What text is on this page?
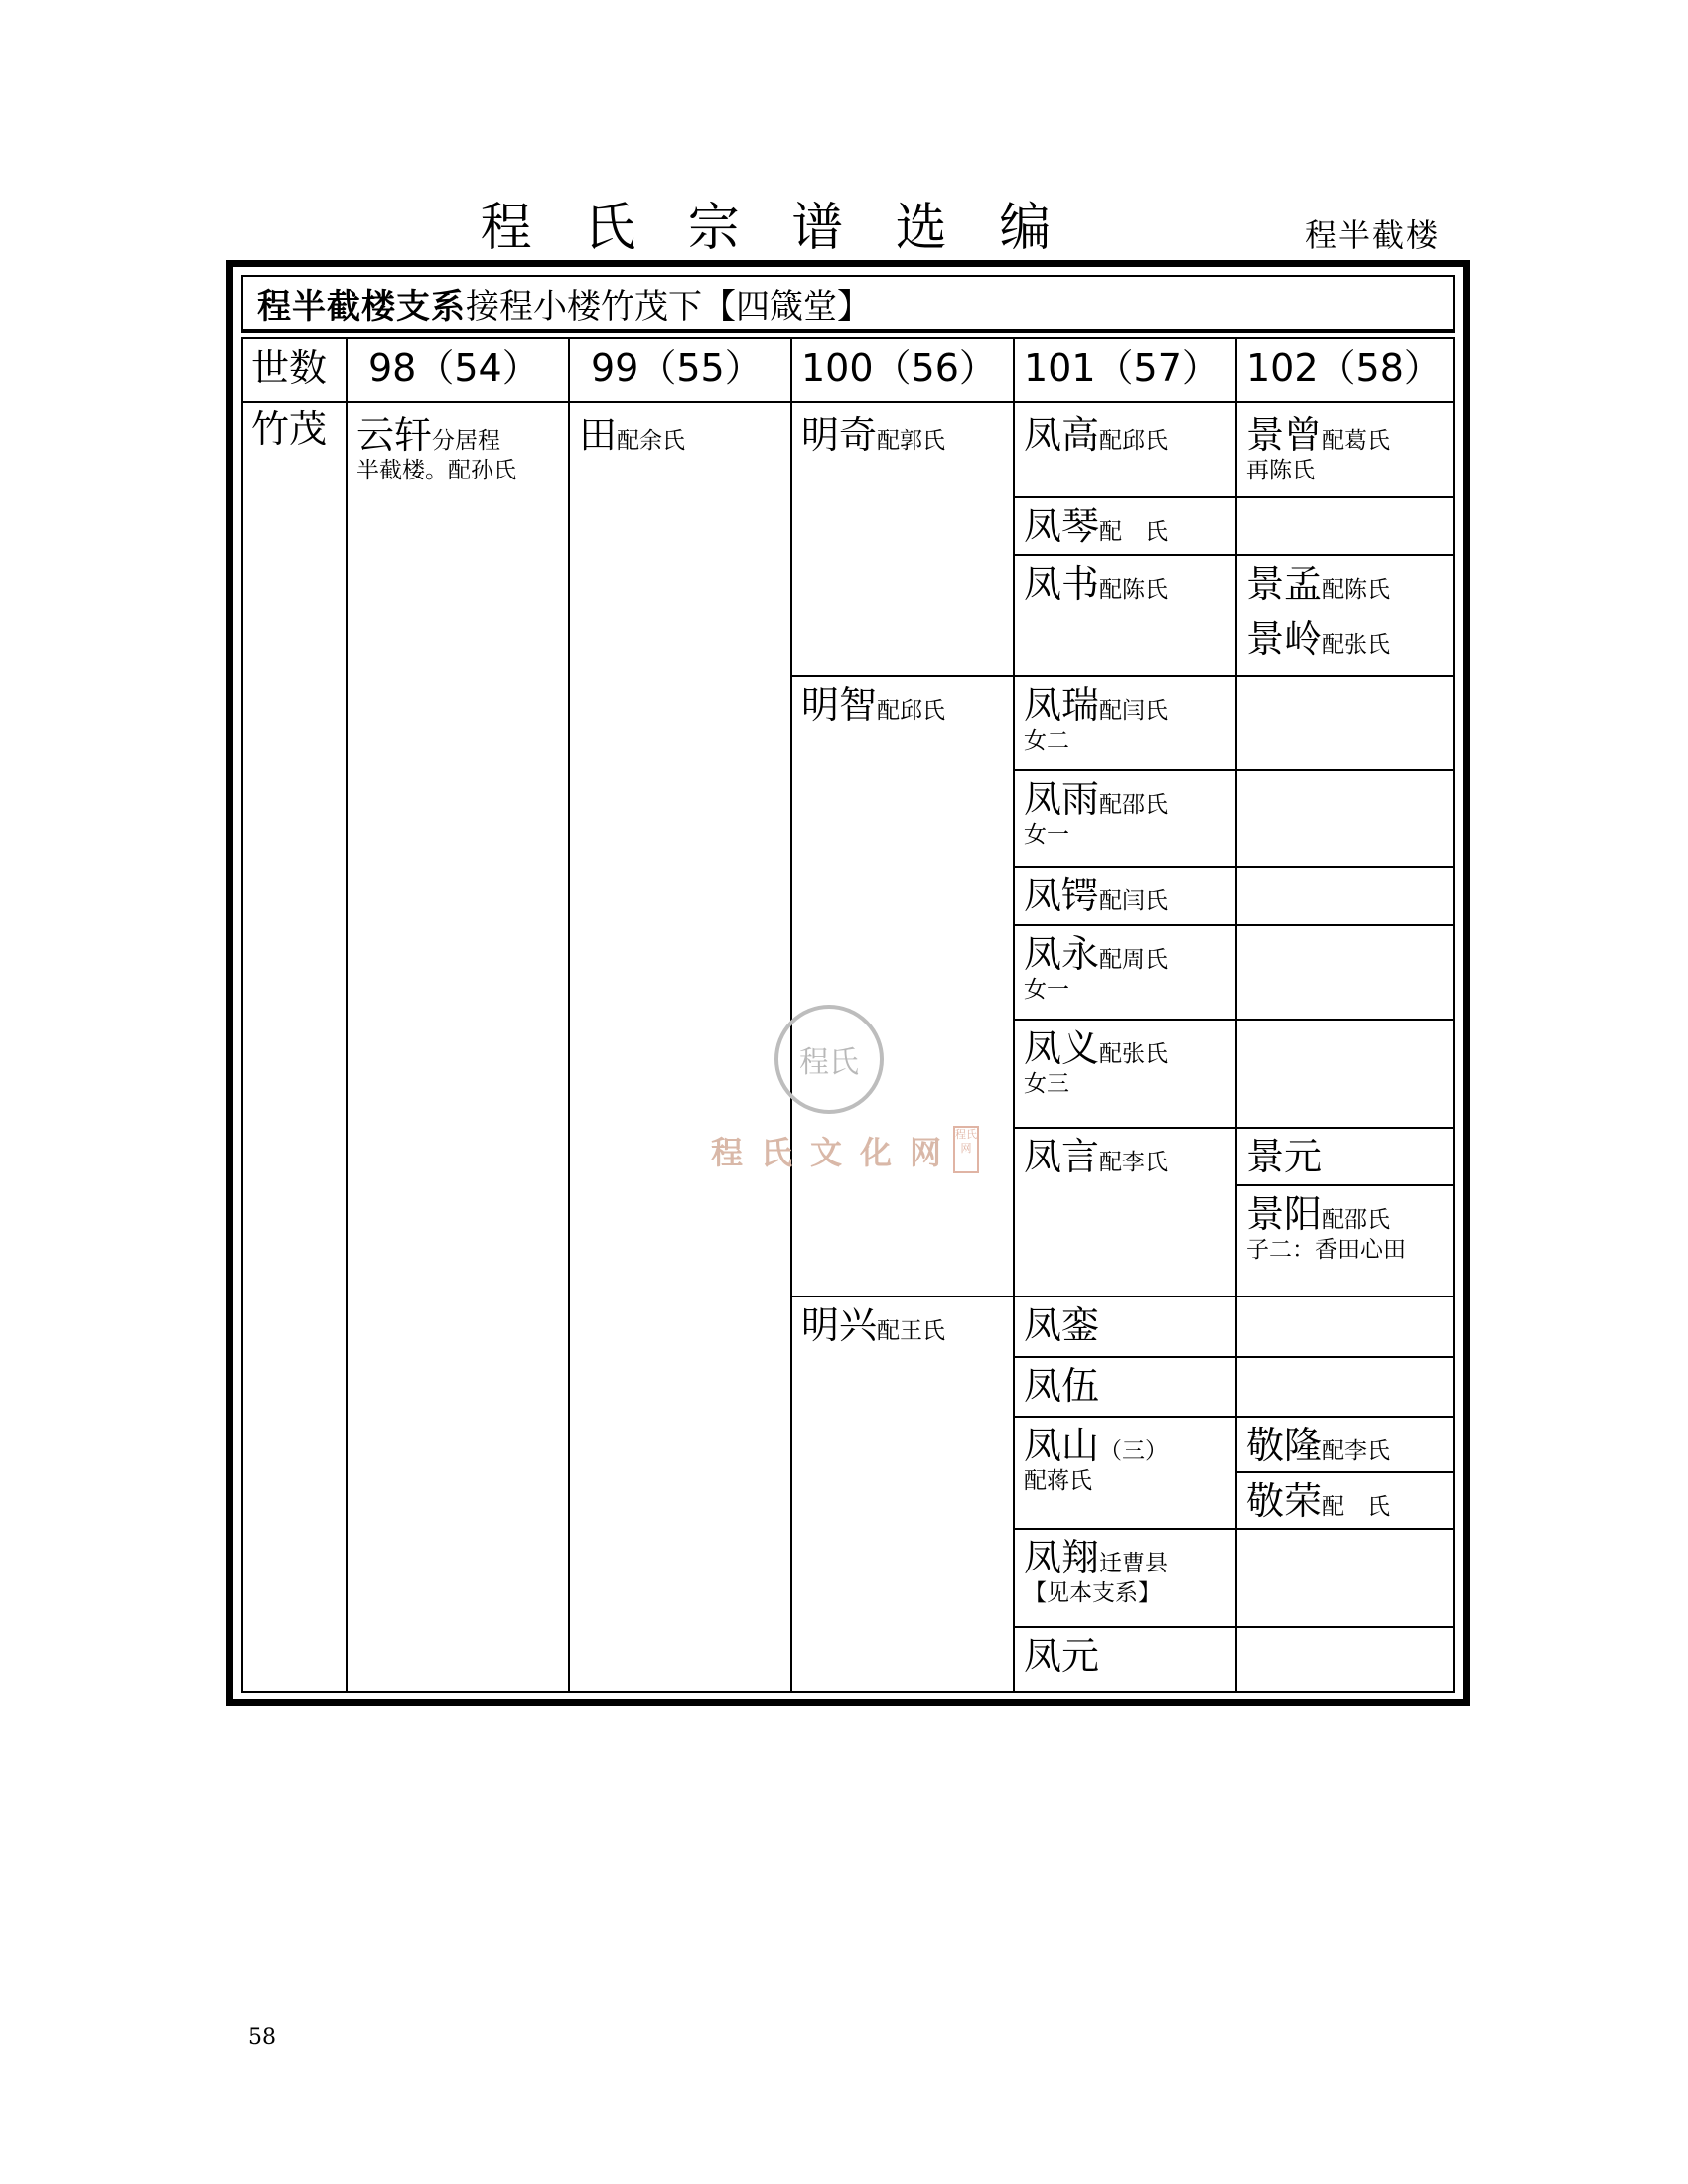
程 氏 宗 谱 选 编	程半截楼
程半截楼支系 接程小楼竹茂下【四箴堂】
世数 98（54） 99（55） 100（56） 101（57） 102（58）
竹茂 云轩分居程
半截楼。配孙氏
田配余氏	明奇配郭氏
明智配邱氏
明兴配王氏
凤高配邱氏
凤琴配　氏
凤书配陈氏
凤瑞配闫氏
女二
凤雨配邵氏
女一
凤锷配闫氏
凤永配周氏
女一
凤义配张氏
女三
凤言配李氏
凤銮
凤伍
凤山（三）
配蒋氏
凤翔迁曹县
【见本支系】
凤元
景曾配葛氏
再陈氏
景孟配陈氏
景岭配张氏
景元
景阳配邵氏
子二：香田心田
敬隆配李氏
敬荣配　氏
程氏
程氏文化网
程氏网
58
